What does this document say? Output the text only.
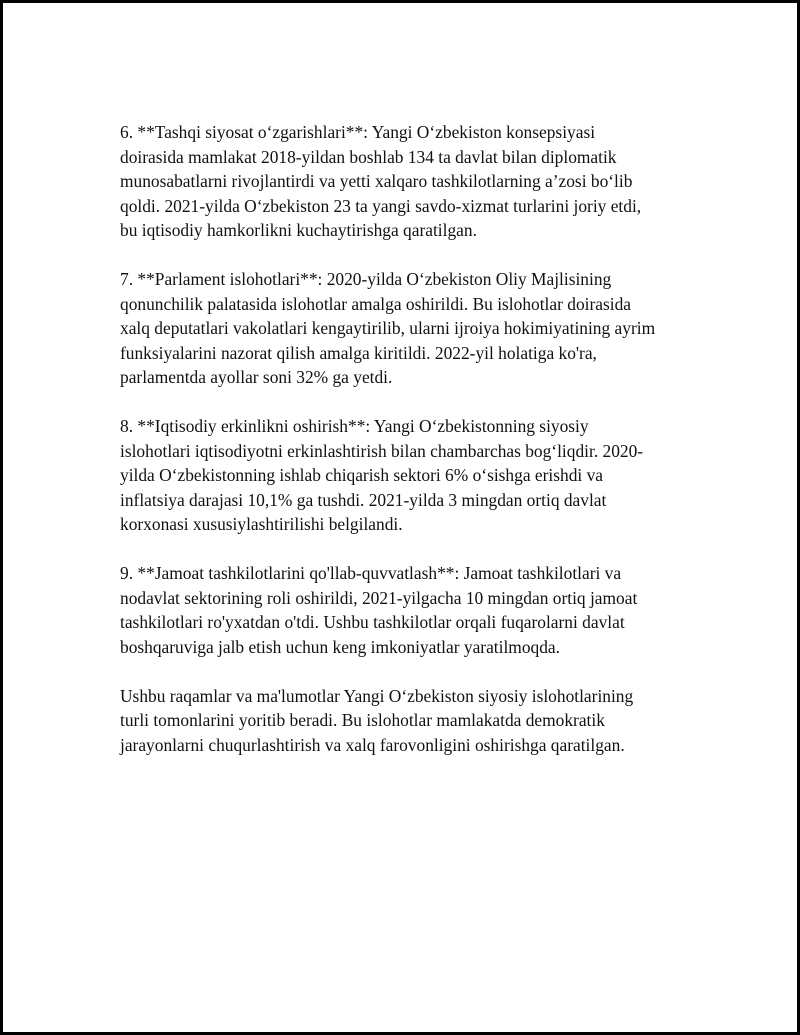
6. **Tashqi siyosat o‘zgarishlari**: Yangi O‘zbekiston konsepsiyasi
doirasida mamlakat 2018-yildan boshlab 134 ta davlat bilan diplomatik
munosabatlarni rivojlantirdi va yetti xalqaro tashkilotlarning a’zosi bo‘lib
qoldi. 2021-yilda O‘zbekiston 23 ta yangi savdo-xizmat turlarini joriy etdi,
bu iqtisodiy hamkorlikni kuchaytirishga qaratilgan.

7. **Parlament islohotlari**: 2020-yilda O‘zbekiston Oliy Majlisining
qonunchilik palatasida islohotlar amalga oshirildi. Bu islohotlar doirasida
xalq deputatlari vakolatlari kengaytirilib, ularni ijroiya hokimiyatining ayrim
funksiyalarini nazorat qilish amalga kiritildi. 2022-yil holatiga ko'ra,
parlamentda ayollar soni 32% ga yetdi.

8. **Iqtisodiy erkinlikni oshirish**: Yangi O‘zbekistonning siyosiy
islohotlari iqtisodiyotni erkinlashtirish bilan chambarchas bog‘liqdir. 2020-
yilda O‘zbekistonning ishlab chiqarish sektori 6% o‘sishga erishdi va
inflatsiya darajasi 10,1% ga tushdi. 2021-yilda 3 mingdan ortiq davlat
korxonasi xususiylashtirilishi belgilandi.

9. **Jamoat tashkilotlarini qo'llab-quvvatlash**: Jamoat tashkilotlari va
nodavlat sektorining roli oshirildi, 2021-yilgacha 10 mingdan ortiq jamoat
tashkilotlari ro'yxatdan o'tdi. Ushbu tashkilotlar orqali fuqarolarni davlat
boshqaruviga jalb etish uchun keng imkoniyatlar yaratilmoqda.

Ushbu raqamlar va ma'lumotlar Yangi O‘zbekiston siyosiy islohotlarining
turli tomonlarini yoritib beradi. Bu islohotlar mamlakatda demokratik
jarayonlarni chuqurlashtirish va xalq farovonligini oshirishga qaratilgan.
